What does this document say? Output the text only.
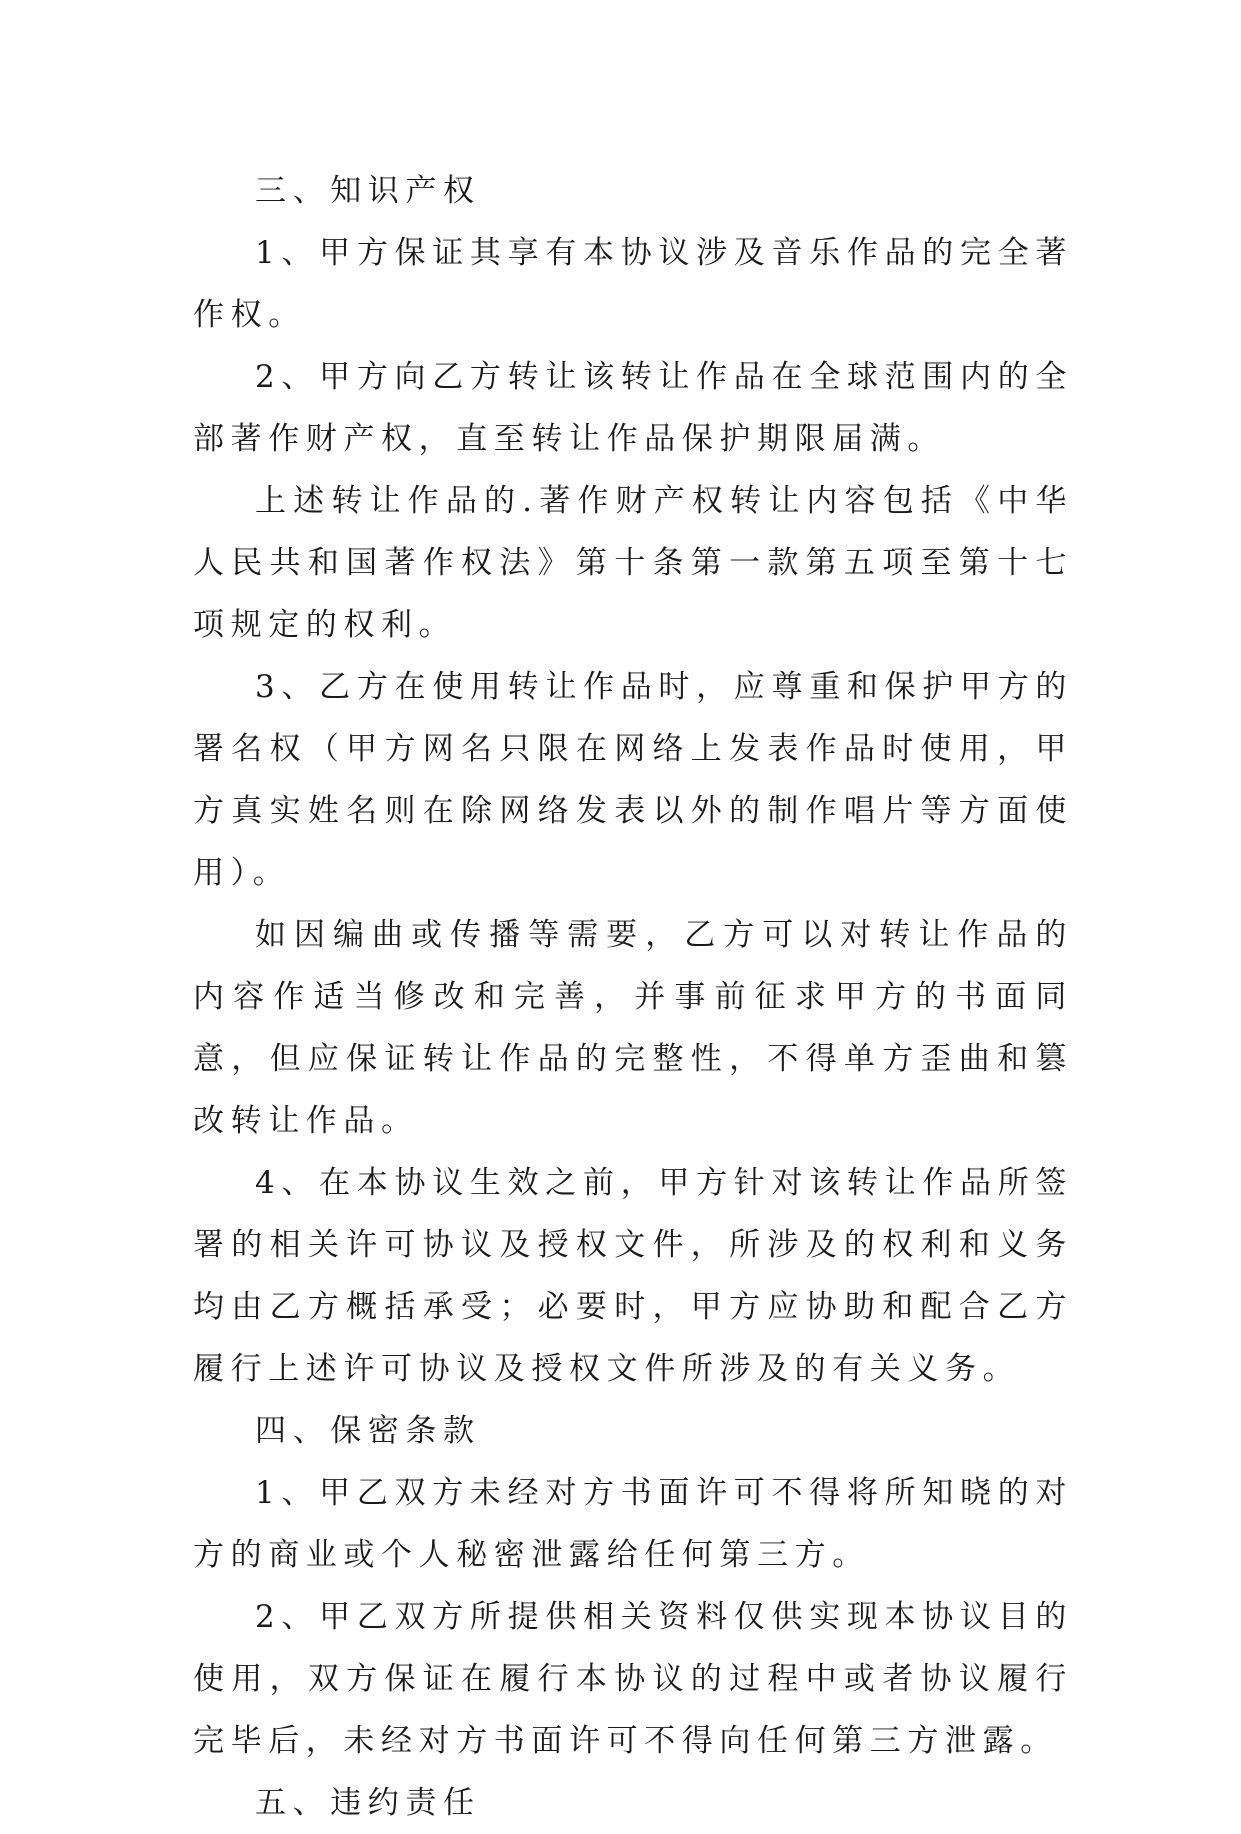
三、知识产权

1、甲方保证其享有本协议涉及音乐作品的完全著作权。

2、甲方向乙方转让该转让作品在全球范围内的全部著作财产权，直至转让作品保护期限届满。

上述转让作品的.著作财产权转让内容包括《中华人民共和国著作权法》第十条第一款第五项至第十七项规定的权利。

3、乙方在使用转让作品时，应尊重和保护甲方的署名权（甲方网名只限在网络上发表作品时使用，甲方真实姓名则在除网络发表以外的制作唱片等方面使用）。

如因编曲或传播等需要，乙方可以对转让作品的内容作适当修改和完善，并事前征求甲方的书面同意，但应保证转让作品的完整性，不得单方歪曲和篡改转让作品。

4、在本协议生效之前，甲方针对该转让作品所签署的相关许可协议及授权文件，所涉及的权利和义务均由乙方概括承受；必要时，甲方应协助和配合乙方履行上述许可协议及授权文件所涉及的有关义务。

四、保密条款

1、甲乙双方未经对方书面许可不得将所知晓的对方的商业或个人秘密泄露给任何第三方。

2、甲乙双方所提供相关资料仅供实现本协议目的使用，双方保证在履行本协议的过程中或者协议履行完毕后，未经对方书面许可不得向任何第三方泄露。

五、违约责任
